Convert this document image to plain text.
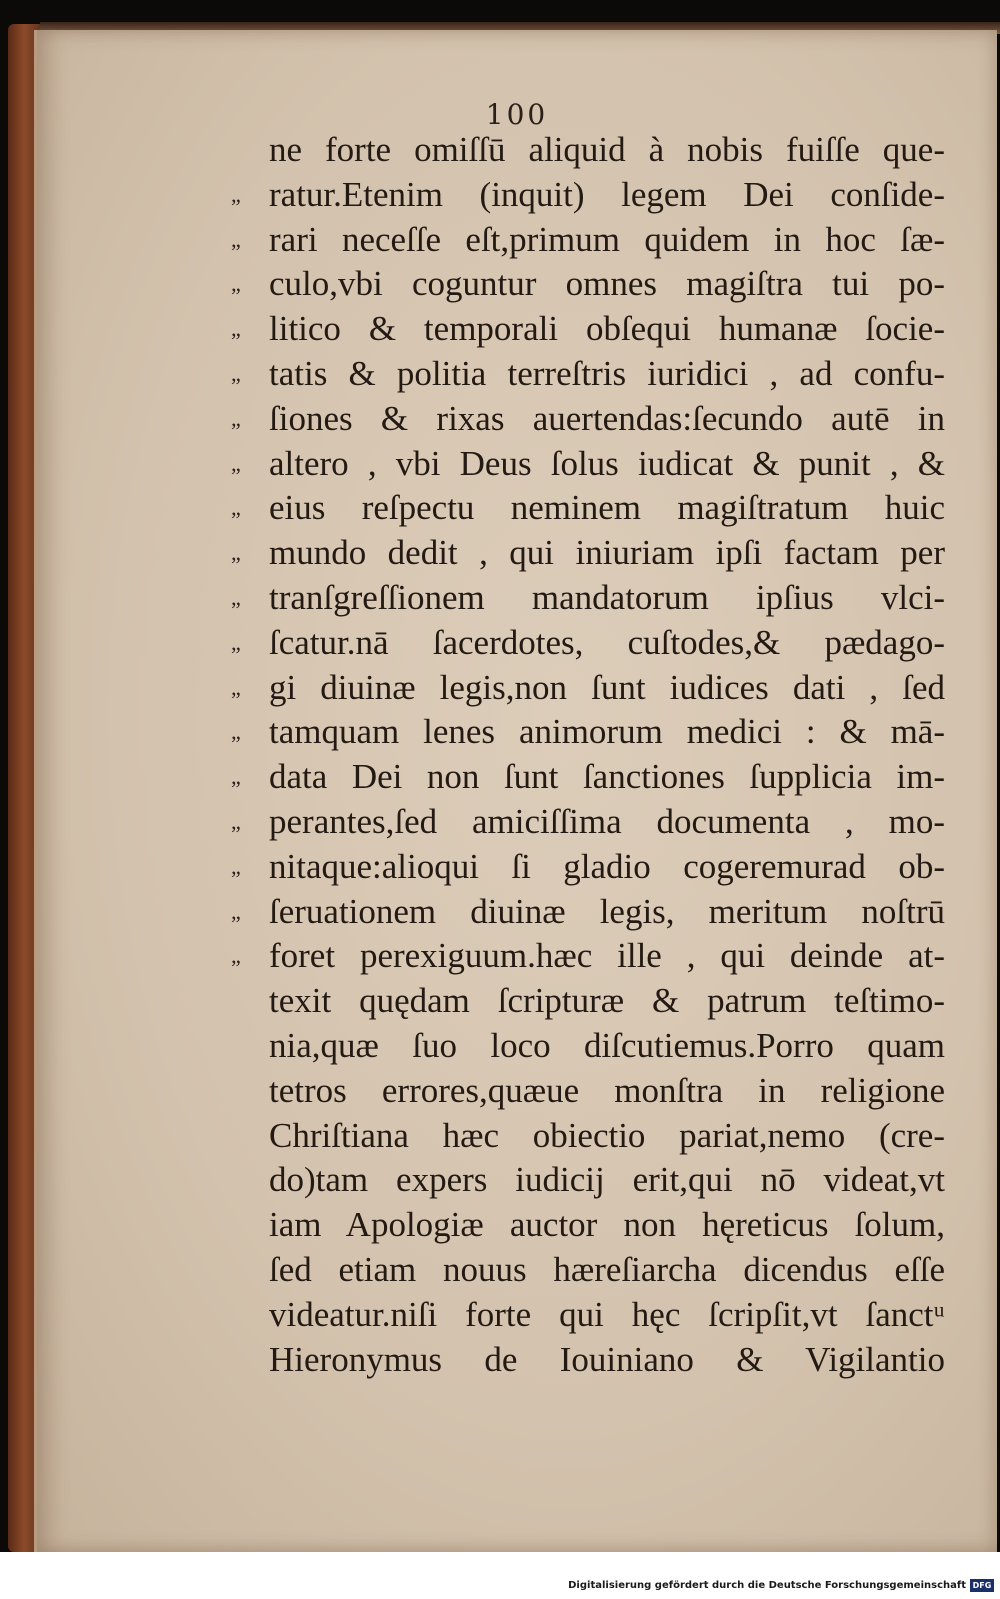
100
ne forte omiſſū aliquid à nobis fuiſſe que-
„ ratur.Etenim (inquit) legem Dei conſide-
„ rari neceſſe eſt,primum quidem in hoc ſæ-
„ culo,vbi coguntur omnes magiſtra tui po-
„ litico & temporali obſequi humanæ ſocie-
„ tatis & politia terreſtris iuridici , ad confu-
„ ſiones & rixas auertendas:ſecundo autē in
„ altero , vbi Deus ſolus iudicat & punit , &
„ eius reſpectu neminem magiſtratum huic
„ mundo dedit , qui iniuriam ipſi factam per
„ tranſgreſſionem mandatorum ipſius vlci-
„ ſcatur.nā ſacerdotes, cuſtodes,& pædago-
„ gi diuinæ legis,non ſunt iudices dati , ſed
„ tamquam lenes animorum medici : & mā-
„ data Dei non ſunt ſanctiones ſupplicia im-
„ perantes,ſed amiciſſima documenta , mo-
„ nitaque:alioqui ſi gladio cogeremurad ob-
„ ſeruationem diuinæ legis, meritum noſtrū
„ foret perexiguum.hæc ille , qui deinde at-
texit quędam ſcripturæ & patrum teſtimo-
nia,quæ ſuo loco diſcutiemus.Porro quam
tetros errores,quæue monſtra in religione
Chriſtiana hæc obiectio pariat,nemo (cre-
do)tam expers iudicij erit,qui nō videat,vt
iam Apologiæ auctor non hęreticus ſolum,
ſed etiam nouus hæreſiarcha dicendus eſſe
videatur.niſi forte qui hęc ſcripſit,vt ſanctᵘ
Hieronymus de Iouiniano & Vigilantio
Digitalisierung gefördert durch die Deutsche Forschungsgemeinschaft DFG
